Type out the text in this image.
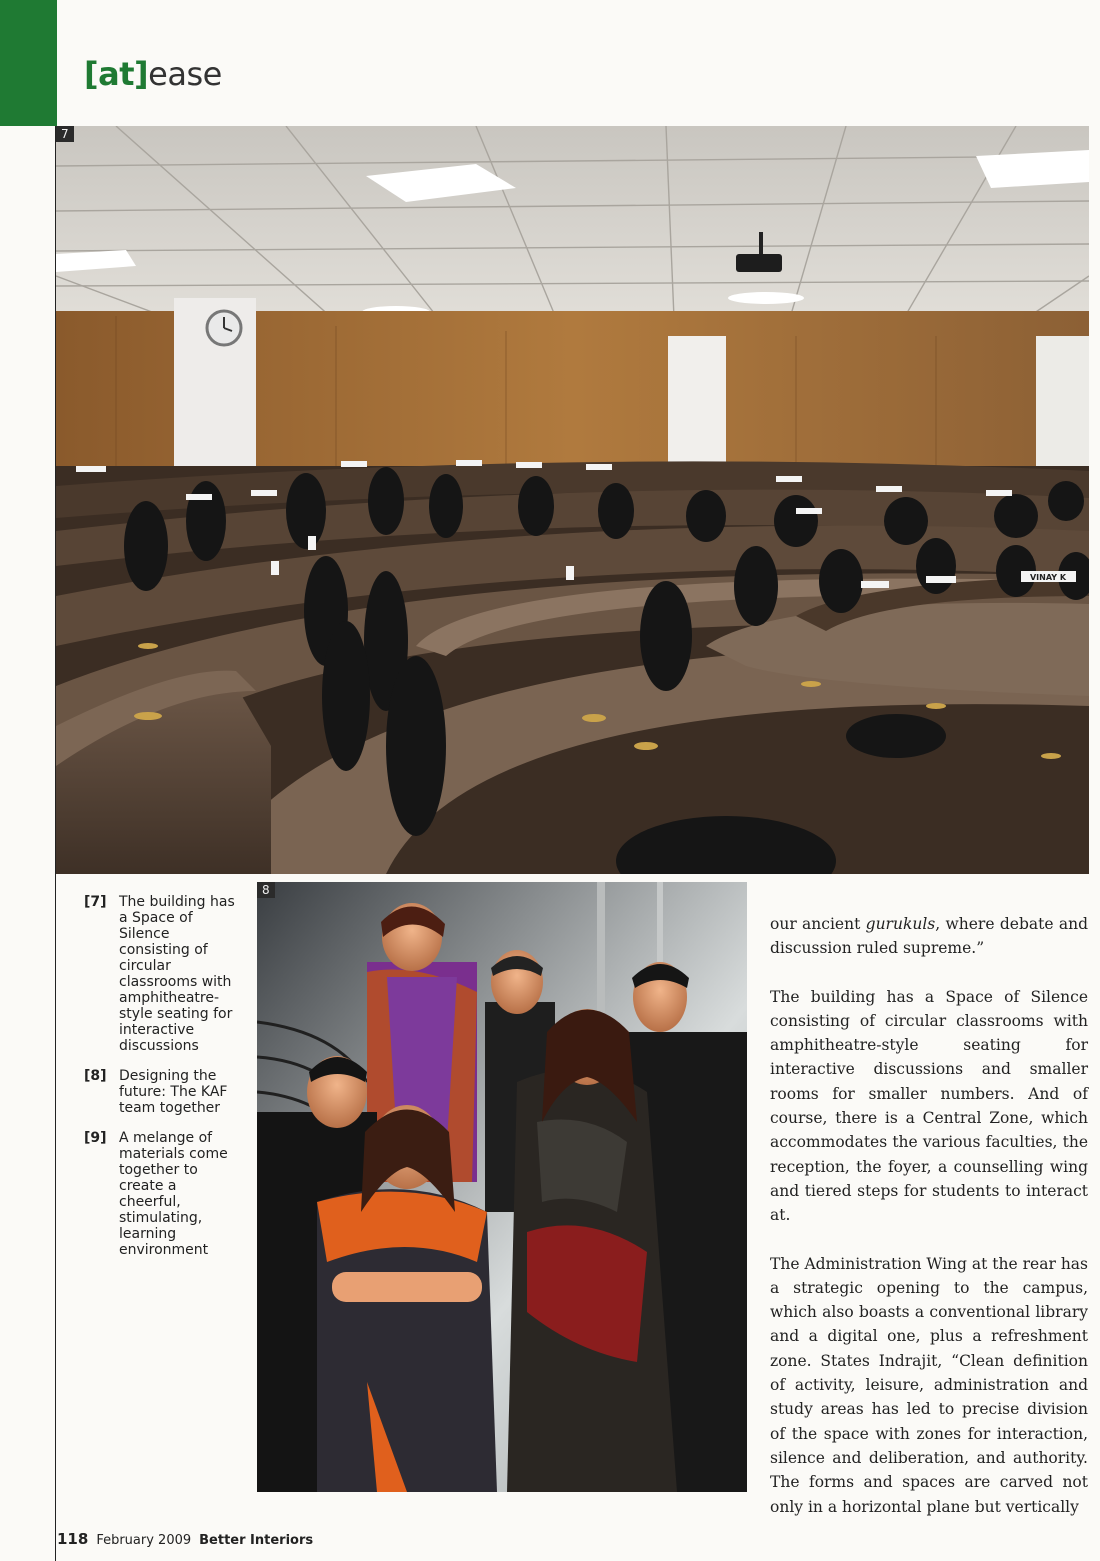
[at]ease
VINAY K
7
8
[7] The building has a Space of Silence consisting of circular classrooms with amphitheatre-style seating for interactive discussions
[8] Designing the future: The KAF team together
[9] A melange of materials come together to create a cheerful, stimulating, learning environment

our ancient gurukuls, where debate and discussion ruled supreme.”

The building has a Space of Silence consisting of circular classrooms with amphitheatre-style seating for interactive discussions and smaller rooms for smaller numbers. And of course, there is a Central Zone, which accommodates the various faculties, the reception, the foyer, a counselling wing and tiered steps for students to interact at.

The Administration Wing at the rear has a strategic opening to the campus, which also boasts a conventional library and a digital one, plus a refreshment zone. States Indrajit, “Clean definition of activity, leisure, administration and study areas has led to precise division of the space with zones for interaction, silence and deliberation, and authority. The forms and spaces are carved not only in a horizontal plane but vertically

118 February 2009 Better Interiors
